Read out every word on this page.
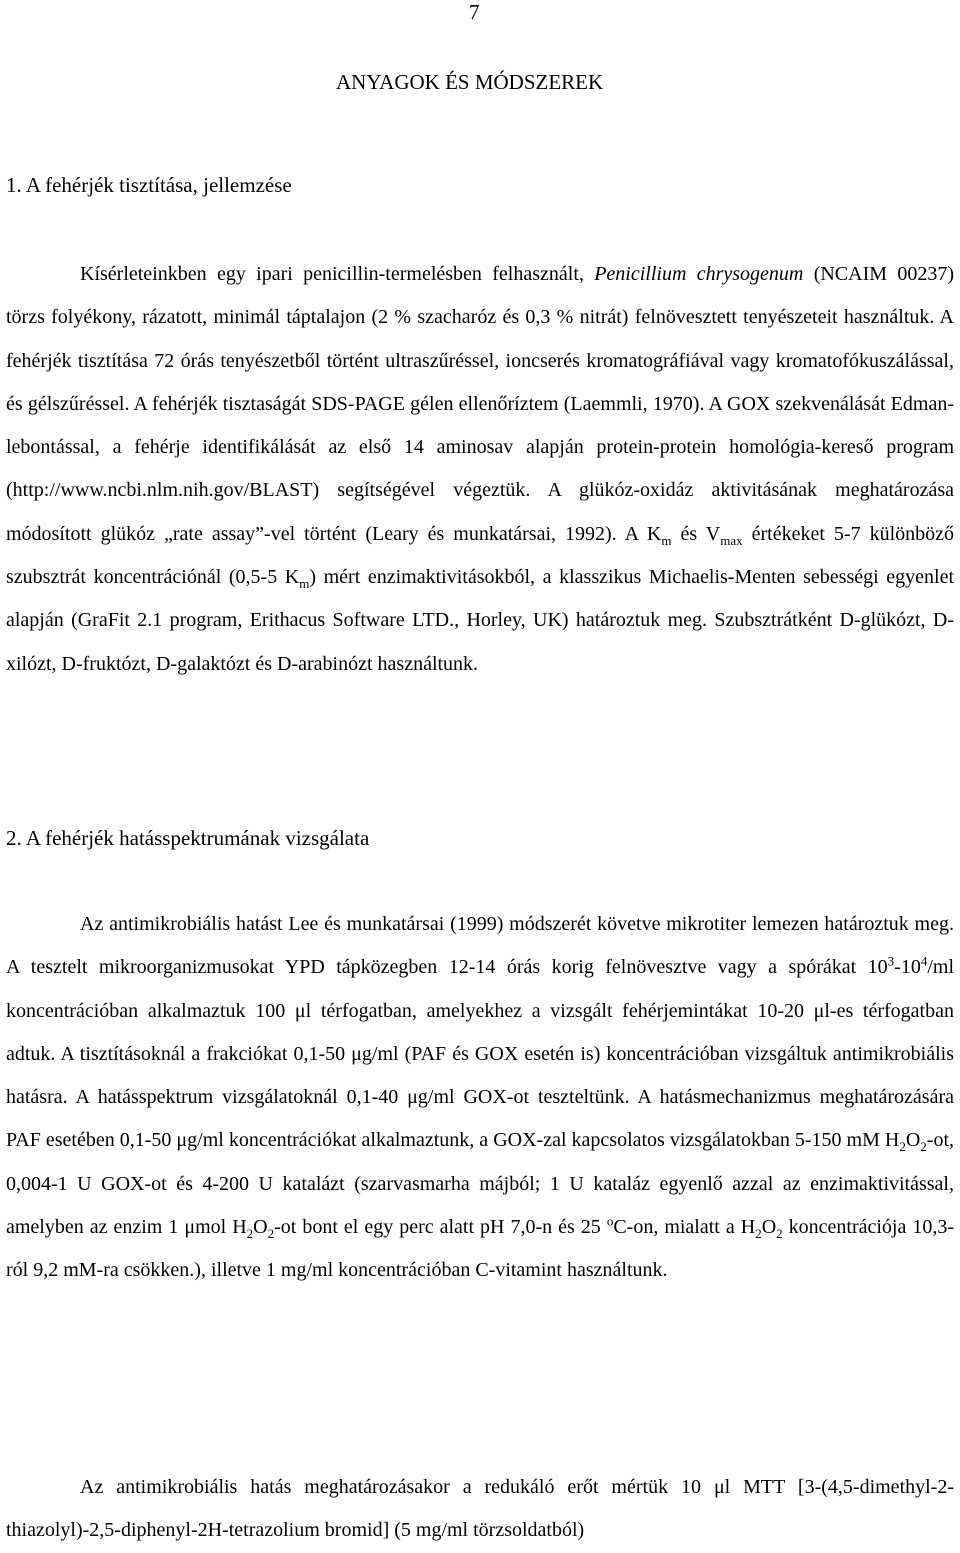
7
ANYAGOK ÉS MÓDSZEREK
1. A fehérjék tisztítása, jellemzése

Kísérleteinkben egy ipari penicillin-termelésben felhasznált, Penicillium chrysogenum (NCAIM 00237) törzs folyékony, rázatott, minimál táptalajon (2 % szacharóz és 0,3 % nitrát) felnövesztett tenyészeteit használtuk. A fehérjék tisztítása 72 órás tenyészetből történt ultraszűréssel, ioncserés kromatográfiával vagy kromatofókuszálással, és gélszűréssel. A fehérjék tisztaságát SDS-PAGE gélen ellenőríztem (Laemmli, 1970). A GOX szekvenálását Edman-lebontással, a fehérje identifikálását az első 14 aminosav alapján protein-protein homológia-kereső program (http://www.ncbi.nlm.nih.gov/BLAST) segítségével végeztük. A glükóz-oxidáz aktivitásának meghatározása módosított glükóz „rate assay”-vel történt (Leary és munkatársai, 1992). A $K_m$ és $V_{max}$ értékeket 5-7 különböző szubsztrát koncentrációnál (0,5-5 $K_m$) mért enzimaktivitásokból, a klasszikus Michaelis-Menten sebességi egyenlet alapján (GraFit 2.1 program, Erithacus Software LTD., Horley, UK) határoztuk meg. Szubsztrátként D-glükózt, D-xilózt, D-fruktózt, D-galaktózt és D-arabinózt használtunk.

2. A fehérjék hatásspektrumának vizsgálata

Az antimikrobiális hatást Lee és munkatársai (1999) módszerét követve mikrotiter lemezen határoztuk meg. A tesztelt mikroorganizmusokat YPD tápközegben 12-14 órás korig felnövesztve vagy a spórákat $10^3-10^4/ml$ koncentrációban alkalmaztuk 100 μl térfogatban, amelyekhez a vizsgált fehérjemintákat 10-20 μl-es térfogatban adtuk. A tisztításoknál a frakciókat 0,1-50 μg/ml (PAF és GOX esetén is) koncentrációban vizsgáltuk antimikrobiális hatásra. A hatásspektrum vizsgálatoknál 0,1-40 μg/ml GOX-ot teszteltünk. A hatásmechanizmus meghatározására PAF esetében 0,1-50 μg/ml koncentrációkat alkalmaztunk, a GOX-zal kapcsolatos vizsgálatokban 5-150 mM $H_2O_2-ot$, 0,004-1 U GOX-ot és 4-200 U katalázt (szarvasmarha májból; 1 U kataláz egyenlő azzal az enzimaktivitással, amelyben az enzim 1 μmol $H_2O_2-ot$ bont el egy perc alatt pH 7,0-n és 25 $^o$C-on, mialatt a $H_2O_2$ koncentrációja 10,3-ról 9,2 mM-ra csökken.), illetve 1 mg/ml koncentrációban C-vitamint használtunk.

Az antimikrobiális hatás meghatározásakor a redukáló erőt mértük 10 μl MTT [3-(4,5-dimethyl-2-thiazolyl)-2,5-diphenyl-2H-tetrazolium bromid] (5 mg/ml törzsoldatból)
